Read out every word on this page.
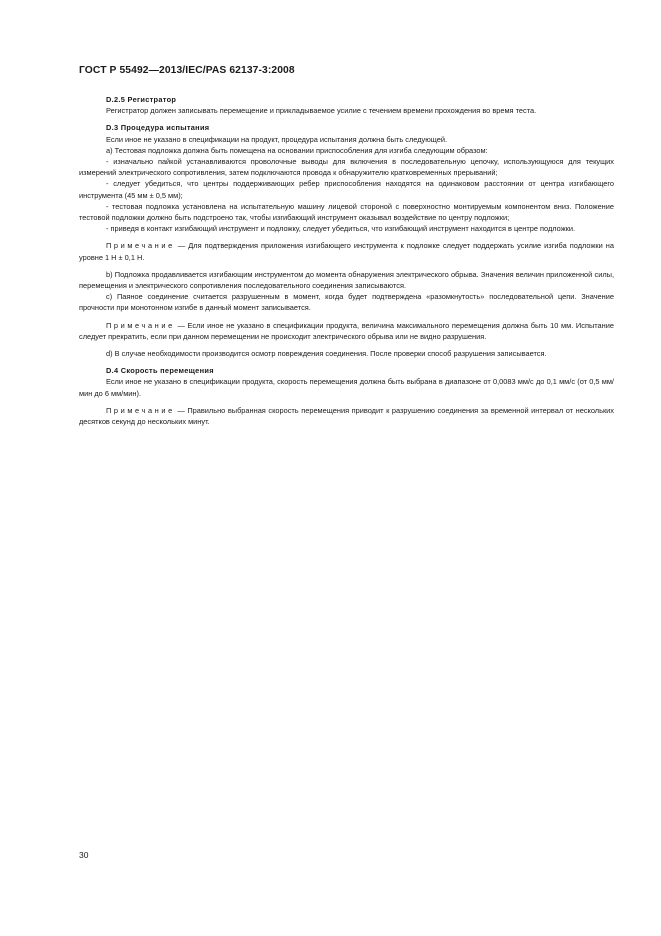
ГОСТ Р 55492—2013/IEC/PAS 62137-3:2008

D.2.5 Регистратор

Регистратор должен записывать перемещение и прикладываемое усилие с течением времени прохождения во время теста.

D.3 Процедура испытания

Если иное не указано в спецификации на продукт, процедура испытания должна быть следующей.

а) Тестовая подложка должна быть помещена на основании приспособления для изгиба следующим образом:

- изначально пайкой устанавливаются проволочные выводы для включения в последовательную цепочку, использующуюся для текущих измерений электрического сопротивления, затем подключаются провода к обнаружителю кратковременных прерываний;

- следует убедиться, что центры поддерживающих ребер приспособления находятся на одинаковом расстоянии от центра изгибающего инструмента (45 мм ± 0,5 мм);

- тестовая подложка установлена на испытательную машину лицевой стороной с поверхностно монтируемым компонентом вниз. Положение тестовой подложки должно быть подстроено так, чтобы изгибающий инструмент оказывал воздействие по центру подложки;

- приведя в контакт изгибающий инструмент и подложку, следует убедиться, что изгибающий инструмент находится в центре подложки.

Примечание — Для подтверждения приложения изгибающего инструмента к подложке следует поддержать усилие изгиба подложки на уровне 1 Н ± 0,1 Н.

b) Подложка продавливается изгибающим инструментом до момента обнаружения электрического обрыва. Значения величин приложенной силы, перемещения и электрического сопротивления последовательного соединения записываются.

с) Паяное соединение считается разрушенным в момент, когда будет подтверждена «разомкнутость» последовательной цепи. Значение прочности при монотонном изгибе в данный момент записывается.

Примечание — Если иное не указано в спецификации продукта, величина максимального перемещения должна быть 10 мм. Испытание следует прекратить, если при данном перемещении не происходит электрического обрыва или не видно разрушения.

d) В случае необходимости производится осмотр повреждения соединения. После проверки способ разрушения записывается.

D.4 Скорость перемещения

Если иное не указано в спецификации продукта, скорость перемещения должна быть выбрана в диапазоне от 0,0083 мм/с до 0,1 мм/с (от 0,5 мм/мин до 6 мм/мин).

Примечание — Правильно выбранная скорость перемещения приводит к разрушению соединения за временной интервал от нескольких десятков секунд до нескольких минут.

30
